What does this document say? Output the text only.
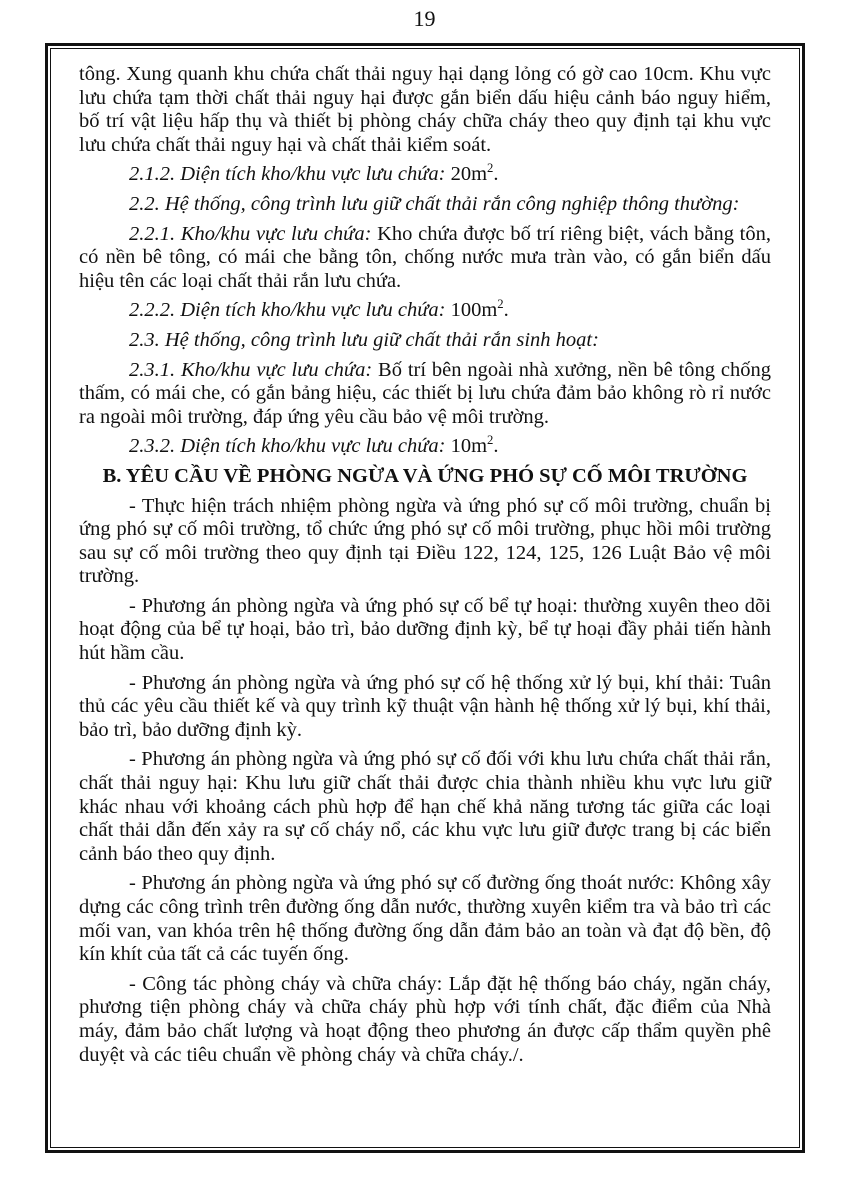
19

tông. Xung quanh khu chứa chất thải nguy hại dạng lỏng có gờ cao 10cm. Khu vực lưu chứa tạm thời chất thải nguy hại được gắn biển dấu hiệu cảnh báo nguy hiểm, bố trí vật liệu hấp thụ và thiết bị phòng cháy chữa cháy theo quy định tại khu vực lưu chứa chất thải nguy hại và chất thải kiểm soát.

2.1.2. Diện tích kho/khu vực lưu chứa: $20m^2$.

2.2. Hệ thống, công trình lưu giữ chất thải rắn công nghiệp thông thường:

2.2.1. Kho/khu vực lưu chứa: Kho chứa được bố trí riêng biệt, vách bằng tôn, có nền bê tông, có mái che bằng tôn, chống nước mưa tràn vào, có gắn biển dấu hiệu tên các loại chất thải rắn lưu chứa.

2.2.2. Diện tích kho/khu vực lưu chứa: $100m^2$.

2.3. Hệ thống, công trình lưu giữ chất thải rắn sinh hoạt:

2.3.1. Kho/khu vực lưu chứa: Bố trí bên ngoài nhà xưởng, nền bê tông chống thấm, có mái che, có gắn bảng hiệu, các thiết bị lưu chứa đảm bảo không rò rỉ nước ra ngoài môi trường, đáp ứng yêu cầu bảo vệ môi trường.

2.3.2. Diện tích kho/khu vực lưu chứa: $10m^2$.

B. YÊU CẦU VỀ PHÒNG NGỪA VÀ ỨNG PHÓ SỰ CỐ MÔI TRƯỜNG

- Thực hiện trách nhiệm phòng ngừa và ứng phó sự cố môi trường, chuẩn bị ứng phó sự cố môi trường, tổ chức ứng phó sự cố môi trường, phục hồi môi trường sau sự cố môi trường theo quy định tại Điều 122, 124, 125, 126 Luật Bảo vệ môi trường.

- Phương án phòng ngừa và ứng phó sự cố bể tự hoại: thường xuyên theo dõi hoạt động của bể tự hoại, bảo trì, bảo dưỡng định kỳ, bể tự hoại đầy phải tiến hành hút hầm cầu.

- Phương án phòng ngừa và ứng phó sự cố hệ thống xử lý bụi, khí thải: Tuân thủ các yêu cầu thiết kế và quy trình kỹ thuật vận hành hệ thống xử lý bụi, khí thải, bảo trì, bảo dưỡng định kỳ.

- Phương án phòng ngừa và ứng phó sự cố đối với khu lưu chứa chất thải rắn, chất thải nguy hại: Khu lưu giữ chất thải được chia thành nhiều khu vực lưu giữ khác nhau với khoảng cách phù hợp để hạn chế khả năng tương tác giữa các loại chất thải dẫn đến xảy ra sự cố cháy nổ, các khu vực lưu giữ được trang bị các biển cảnh báo theo quy định.

- Phương án phòng ngừa và ứng phó sự cố đường ống thoát nước: Không xây dựng các công trình trên đường ống dẫn nước, thường xuyên kiểm tra và bảo trì các mối van, van khóa trên hệ thống đường ống dẫn đảm bảo an toàn và đạt độ bền, độ kín khít của tất cả các tuyến ống.

- Công tác phòng cháy và chữa cháy: Lắp đặt hệ thống báo cháy, ngăn cháy, phương tiện phòng cháy và chữa cháy phù hợp với tính chất, đặc điểm của Nhà máy, đảm bảo chất lượng và hoạt động theo phương án được cấp thẩm quyền phê duyệt và các tiêu chuẩn về phòng cháy và chữa cháy./.
